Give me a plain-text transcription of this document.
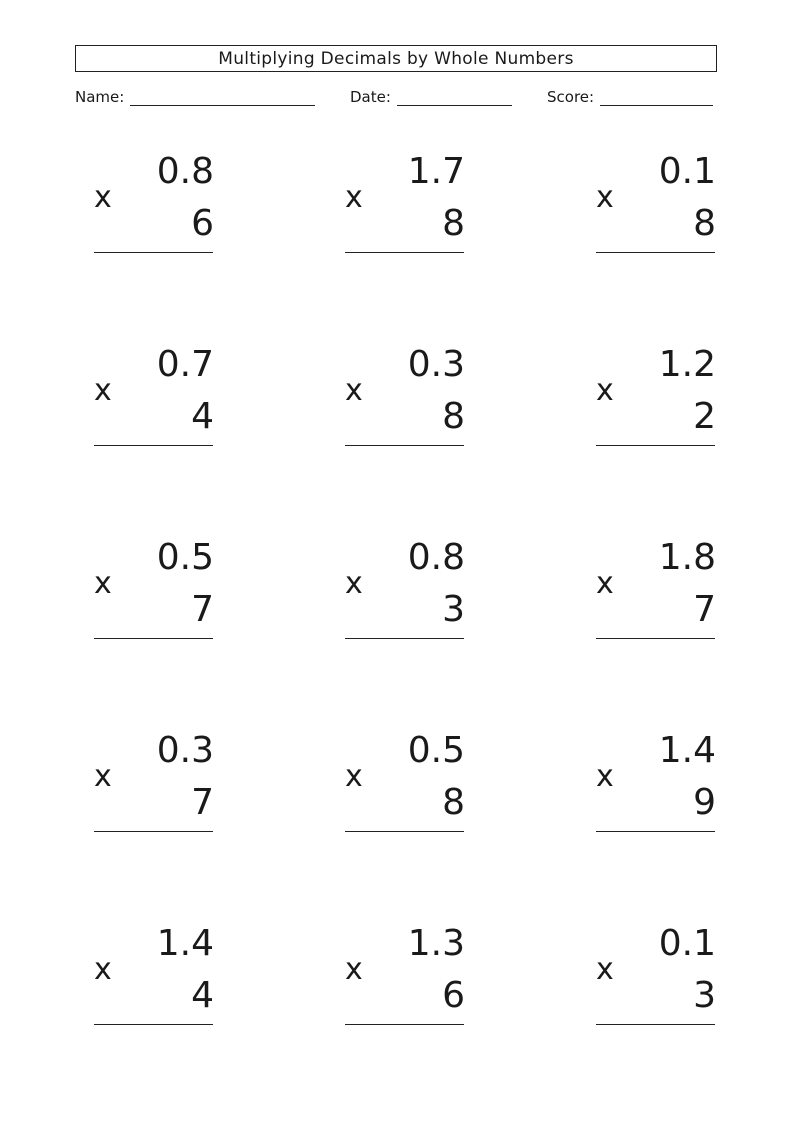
Multiplying Decimals by Whole Numbers
Name:	Date:	Score:
0.8
x
6
1.7
x
8
0.1
x
8
0.7
x
4
0.3
x
8
1.2
x
2
0.5
x
7
0.8
x
3
1.8
x
7
0.3
x
7
0.5
x
8
1.4
x
9
1.4
x
4
1.3
x
6
0.1
x
3
